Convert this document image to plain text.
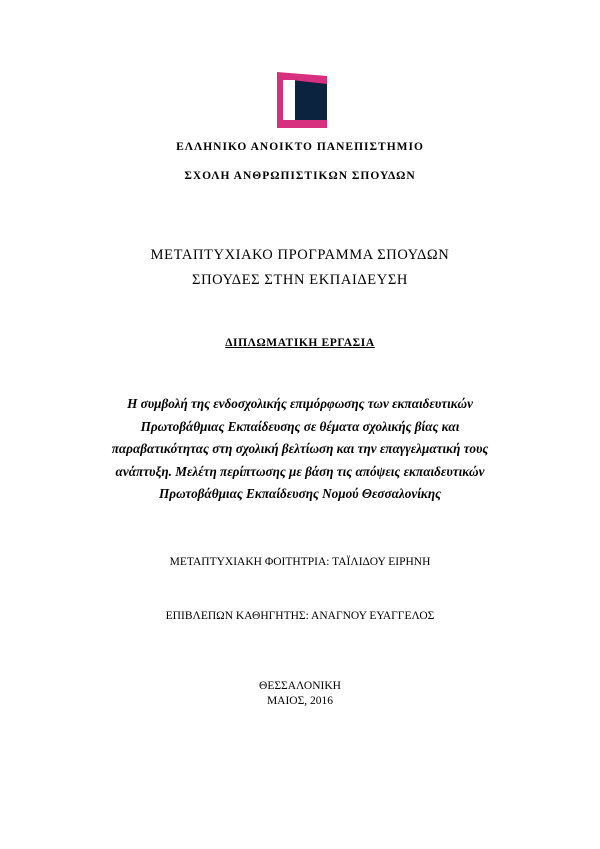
ΕΛΛΗΝΙΚΟ ΑΝΟΙΚΤΟ ΠΑΝΕΠΙΣΤΗΜΙΟ
ΣΧΟΛΗ ΑΝΘΡΩΠΙΣΤΙΚΩΝ ΣΠΟΥΔΩΝ
ΜΕΤΑΠΤΥΧΙΑΚΟ ΠΡΟΓΡΑΜΜΑ ΣΠΟΥΔΩΝ
ΣΠΟΥΔΕΣ ΣΤΗΝ ΕΚΠΑΙΔΕΥΣΗ
ΔΙΠΛΩΜΑΤΙΚΗ ΕΡΓΑΣΙΑ
Η συμβολή της ενδοσχολικής επιμόρφωσης των εκπαιδευτικών
Πρωτοβάθμιας Εκπαίδευσης σε θέματα σχολικής βίας και
παραβατικότητας στη σχολική βελτίωση και την επαγγελματική τους
ανάπτυξη. Μελέτη περίπτωσης με βάση τις απόψεις εκπαιδευτικών
Πρωτοβάθμιας Εκπαίδευσης Νομού Θεσσαλονίκης
ΜΕΤΑΠΤΥΧΙΑΚΗ ΦΟΙΤΗΤΡΙΑ: ΤΑΪΛΙΔΟΥ ΕΙΡΗΝΗ
ΕΠΙΒΛΕΠΩΝ ΚΑΘΗΓΗΤΗΣ: ΑΝΑΓΝΟΥ ΕΥΑΓΓΕΛΟΣ
ΘΕΣΣΑΛΟΝΙΚΗ
ΜΑΙΟΣ, 2016
